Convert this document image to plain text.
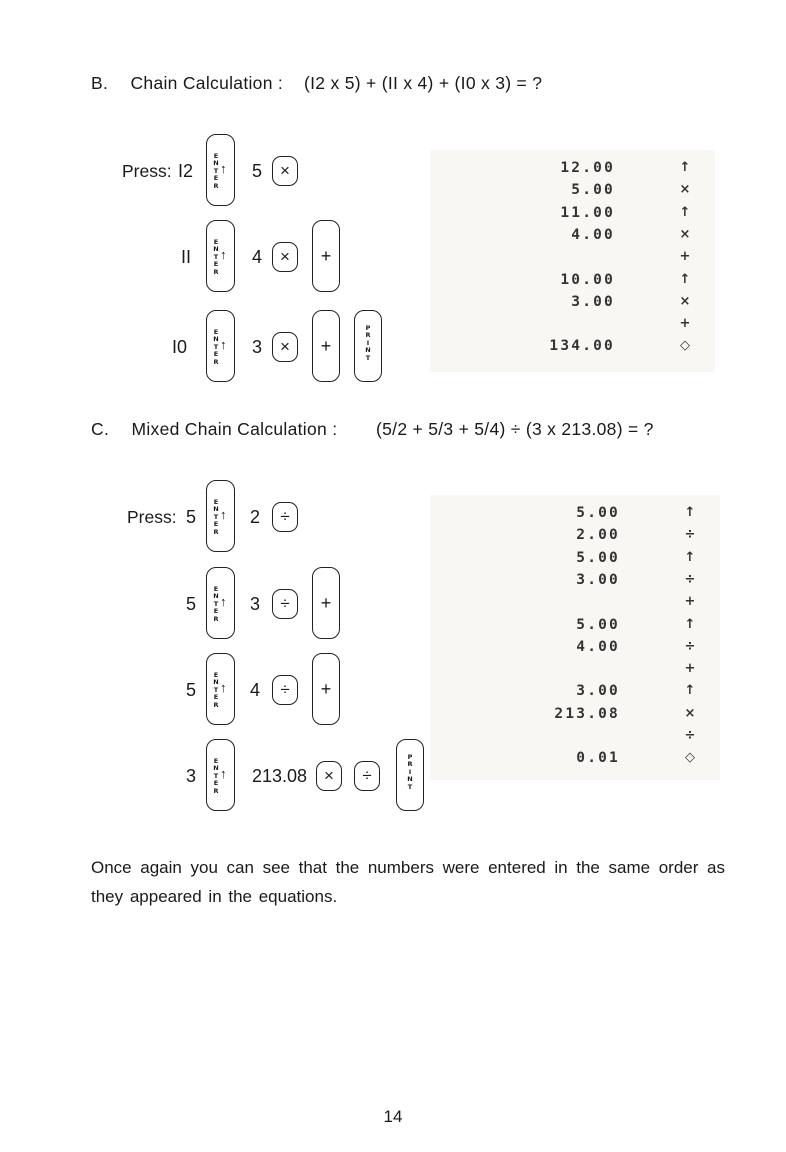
B. Chain Calculation : (I2 x 5) + (II x 4) + (I0 x 3) = ?
Press: I2
E
N
T
E
R
↑ 5	×
II
E
N
T
E
R
↑ 4	×	+
I0
E
N
T
E
R
↑ 3	×	+
P
R
I
N
T
12.00	↑
5.00	×
11.00	↑
4.00	×
+
10.00	↑
3.00	×
+
134.00	◇
C. Mixed Chain Calculation : (5/2 + 5/3 + 5/4) ÷ (3 x 213.08) = ?
Press: 5
E
N
T
E
R
↑ 2	÷
5
E
N
T
E
R
↑ 3	÷	+
5
E
N
T
E
R
↑ 4	÷	+
3
E
N
T
E
R
↑ 213.08 ×	÷
P
R
I
N
T
5.00	↑
2.00	÷
5.00	↑
3.00	÷
+
5.00	↑
4.00	÷
+
3.00	↑
213.08	×
÷
0.01	◇
Once again you can see that the numbers were entered in the same order as they appeared in the equations.
14
